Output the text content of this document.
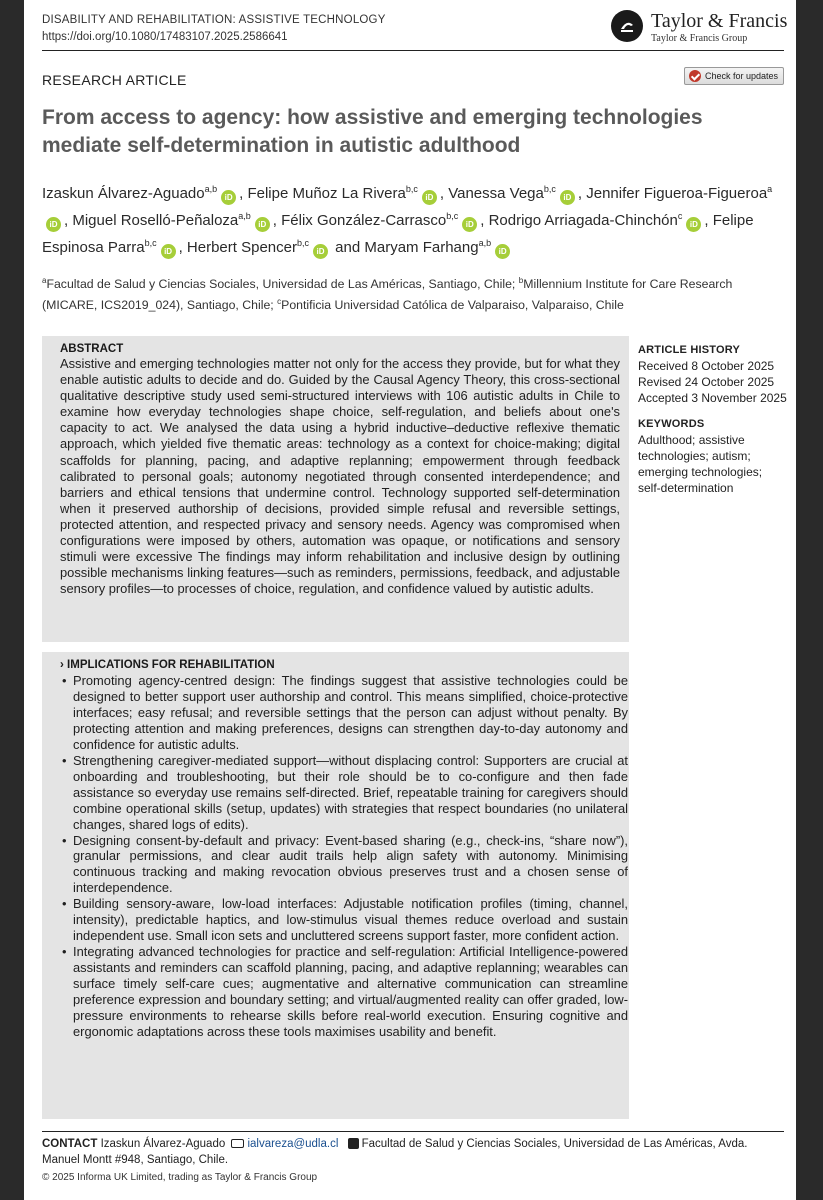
DISABILITY AND REHABILITATION: ASSISTIVE TECHNOLOGY
https://doi.org/10.1080/17483107.2025.2586641
Taylor & Francis
Taylor & Francis Group
RESEARCH ARTICLE	Check for updates
From access to agency: how assistive and emerging technologies mediate self-determination in autistic adulthood
Izaskun Álvarez-Aguado$^{a,b}$iD , Felipe Muñoz La Rivera$^{b,c}$iD , Vanessa Vega$^{b,c}$iD , Jennifer Figueroa-Figueroa$^a$iD , Miguel Roselló-Peñaloza$^{a,b}$iD , Félix González-Carrasco$^{b,c}$iD , Rodrigo Arriagada-Chinchón$^c$iD , Felipe Espinosa Parra$^{b,c}$iD , Herbert Spencer$^{b,c}$iD and Maryam Farhang$^{a,b}$iD
$^a$Facultad de Salud y Ciencias Sociales, Universidad de Las Américas, Santiago, Chile; $^b$Millennium Institute for Care Research (MICARE, ICS2019_024), Santiago, Chile; $^c$Pontificia Universidad Católica de Valparaiso, Valparaiso, Chile
ABSTRACT
Assistive and emerging technologies matter not only for the access they provide, but for what they enable autistic adults to decide and do. Guided by the Causal Agency Theory, this cross-sectional qualitative descriptive study used semi-structured interviews with 106 autistic adults in Chile to examine how everyday technologies shape choice, self-regulation, and beliefs about one's capacity to act. We analysed the data using a hybrid inductive–deductive reflexive thematic approach, which yielded five thematic areas: technology as a context for choice-making; digital scaffolds for planning, pacing, and adaptive replanning; empowerment through feedback calibrated to personal goals; autonomy negotiated through consented interdependence; and barriers and ethical tensions that undermine control. Technology supported self-determination when it preserved authorship of decisions, provided simple refusal and reversible settings, protected attention, and respected privacy and sensory needs. Agency was compromised when configurations were imposed by others, automation was opaque, or notifications and sensory stimuli were excessive The findings may inform rehabilitation and inclusive design by outlining possible mechanisms linking features—such as reminders, permissions, feedback, and adjustable sensory profiles—to processes of choice, regulation, and confidence valued by autistic adults.
ARTICLE HISTORY
Received 8 October 2025
Revised 24 October 2025
Accepted 3 November 2025
KEYWORDS
Adulthood; assistive technologies; autism; emerging technologies; self-determination
› IMPLICATIONS FOR REHABILITATION
• Promoting agency-centred design: The findings suggest that assistive technologies could be designed to better support user authorship and control. This means simplified, choice-protective interfaces; easy refusal; and reversible settings that the person can adjust without penalty. By protecting attention and making preferences, designs can strengthen day-to-day autonomy and confidence for autistic adults.
• Strengthening caregiver-mediated support—without displacing control: Supporters are crucial at onboarding and troubleshooting, but their role should be to co-configure and then fade assistance so everyday use remains self-directed. Brief, repeatable training for caregivers should combine operational skills (setup, updates) with strategies that respect boundaries (no unilateral changes, shared logs of edits).
• Designing consent-by-default and privacy: Event-based sharing (e.g., check-ins, “share now”), granular permissions, and clear audit trails help align safety with autonomy. Minimising continuous tracking and making revocation obvious preserves trust and a chosen sense of interdependence.
• Building sensory-aware, low-load interfaces: Adjustable notification profiles (timing, channel, intensity), predictable haptics, and low-stimulus visual themes reduce overload and sustain independent use. Small icon sets and uncluttered screens support faster, more confident action.
• Integrating advanced technologies for practice and self-regulation: Artificial Intelligence-powered assistants and reminders can scaffold planning, pacing, and adaptive replanning; wearables can surface timely self-care cues; augmentative and alternative communication can streamline preference expression and boundary setting; and virtual/augmented reality can offer graded, low-pressure environments to rehearse skills before real-world execution. Ensuring cognitive and ergonomic adaptations across these tools maximises usability and benefit.
CONTACT Izaskun Álvarez-Aguado ialvareza@udla.cl Facultad de Salud y Ciencias Sociales, Universidad de Las Américas, Avda. Manuel Montt #948, Santiago, Chile.
© 2025 Informa UK Limited, trading as Taylor & Francis Group
